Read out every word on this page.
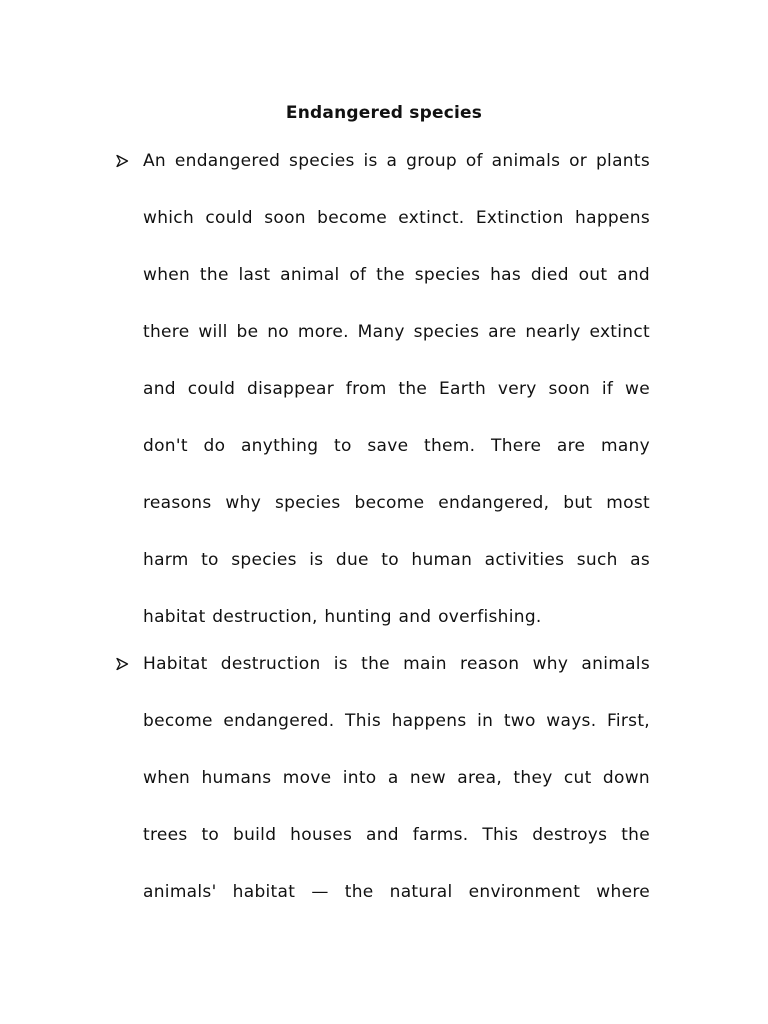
Endangered species
An endangered species is a group of animals or plants
which could soon become extinct. Extinction happens
when the last animal of the species has died out and
there will be no more. Many species are nearly extinct
and could disappear from the Earth very soon if we
don't do anything to save them. There are many
reasons why species become endangered, but most
harm to species is due to human activities such as
habitat destruction, hunting and overfishing.
Habitat destruction is the main reason why animals
become endangered. This happens in two ways. First,
when humans move into a new area, they cut down
trees to build houses and farms. This destroys the
animals' habitat — the natural environment where
